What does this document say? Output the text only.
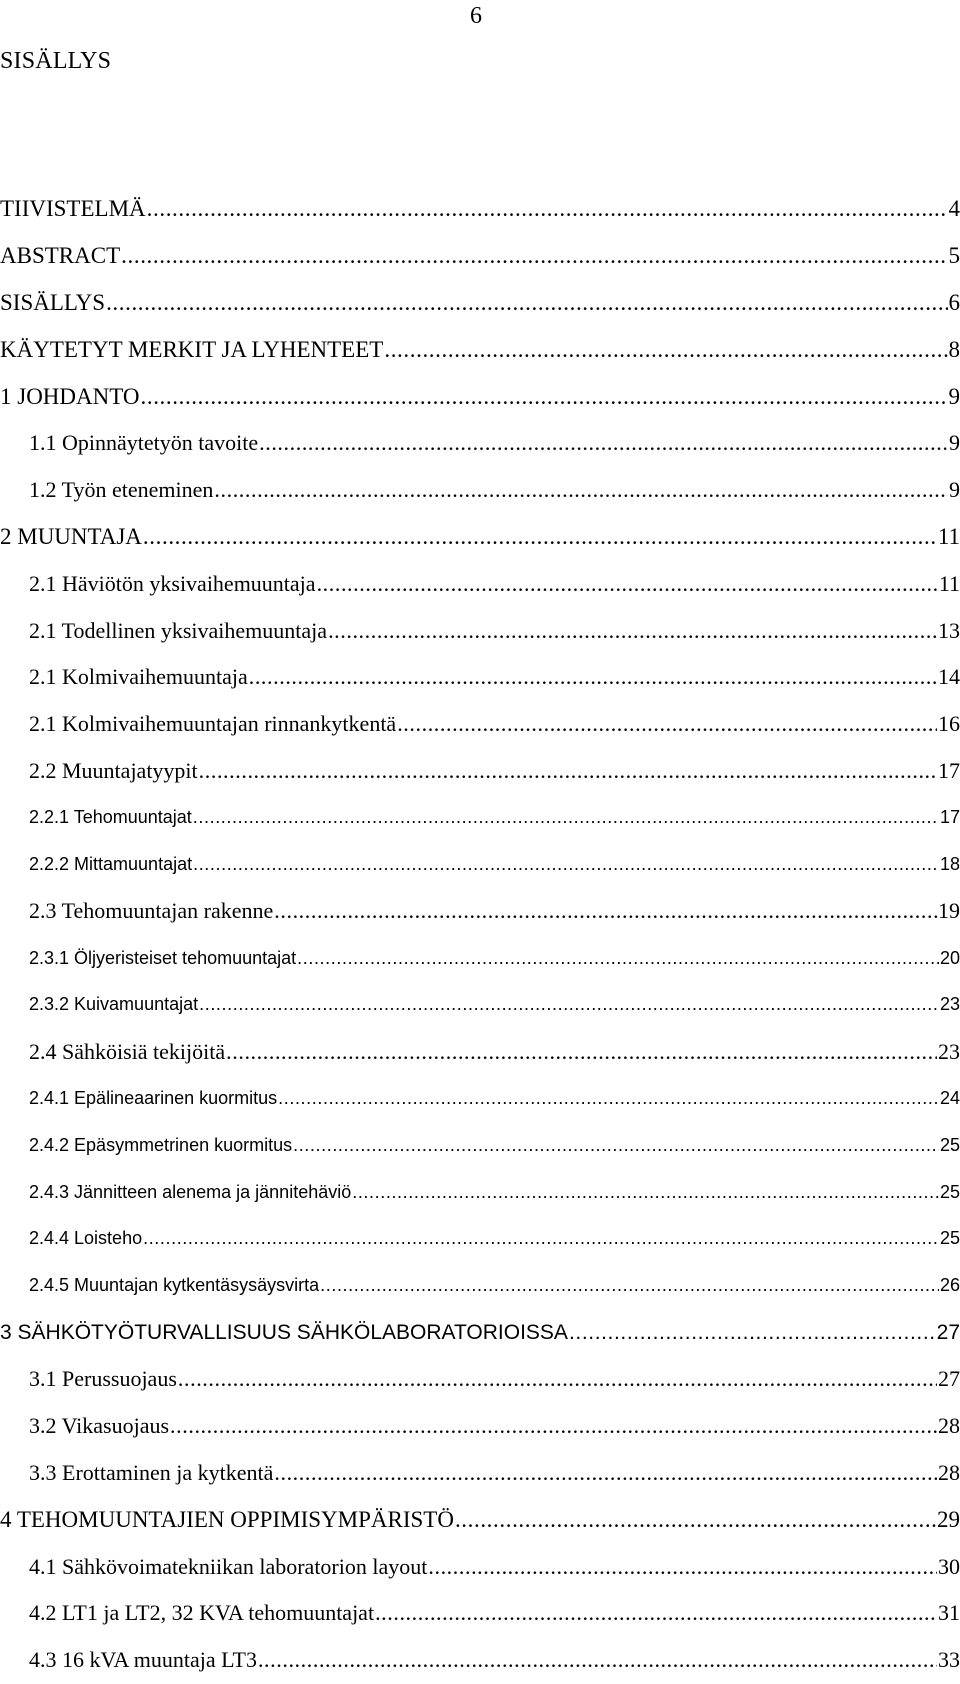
6
SISÄLLYS
TIIVISTELMÄ .....	4
ABSTRACT .....	5
SISÄLLYS .....	6
KÄYTETYT MERKIT JA LYHENTEET .....	8
1 JOHDANTO .....	9
1.1 Opinnäytetyön tavoite .....	9
1.2 Työn eteneminen .....	9
2 MUUNTAJA .....	11
2.1 Häviötön yksivaihemuuntaja .....	11
2.1 Todellinen yksivaihemuuntaja .....	13
2.1 Kolmivaihemuuntaja .....	14
2.1 Kolmivaihemuuntajan rinnankytkentä .....	16
2.2 Muuntajatyypit .....	17
2.2.1 Tehomuuntajat .....	17
2.2.2 Mittamuuntajat .....	18
2.3 Tehomuuntajan rakenne .....	19
2.3.1 Öljyeristeiset tehomuuntajat .....	20
2.3.2 Kuivamuuntajat .....	23
2.4 Sähköisiä tekijöitä .....	23
2.4.1 Epälineaarinen kuormitus .....	24
2.4.2 Epäsymmetrinen kuormitus .....	25
2.4.3 Jännitteen alenema ja jännitehäviö .....	25
2.4.4 Loisteho .....	25
2.4.5 Muuntajan kytkentäsysäysvirta .....	26
3 SÄHKÖTYÖTURVALLISUUS SÄHKÖLABORATORIOISSA .....	27
3.1 Perussuojaus .....	27
3.2 Vikasuojaus .....	28
3.3 Erottaminen ja kytkentä .....	28
4 TEHOMUUNTAJIEN OPPIMISYMPÄRISTÖ .....	29
4.1 Sähkövoimatekniikan laboratorion layout .....	30
4.2 LT1 ja LT2, 32 KVA tehomuuntajat .....	31
4.3 16 kVA muuntaja LT3 .....	33
